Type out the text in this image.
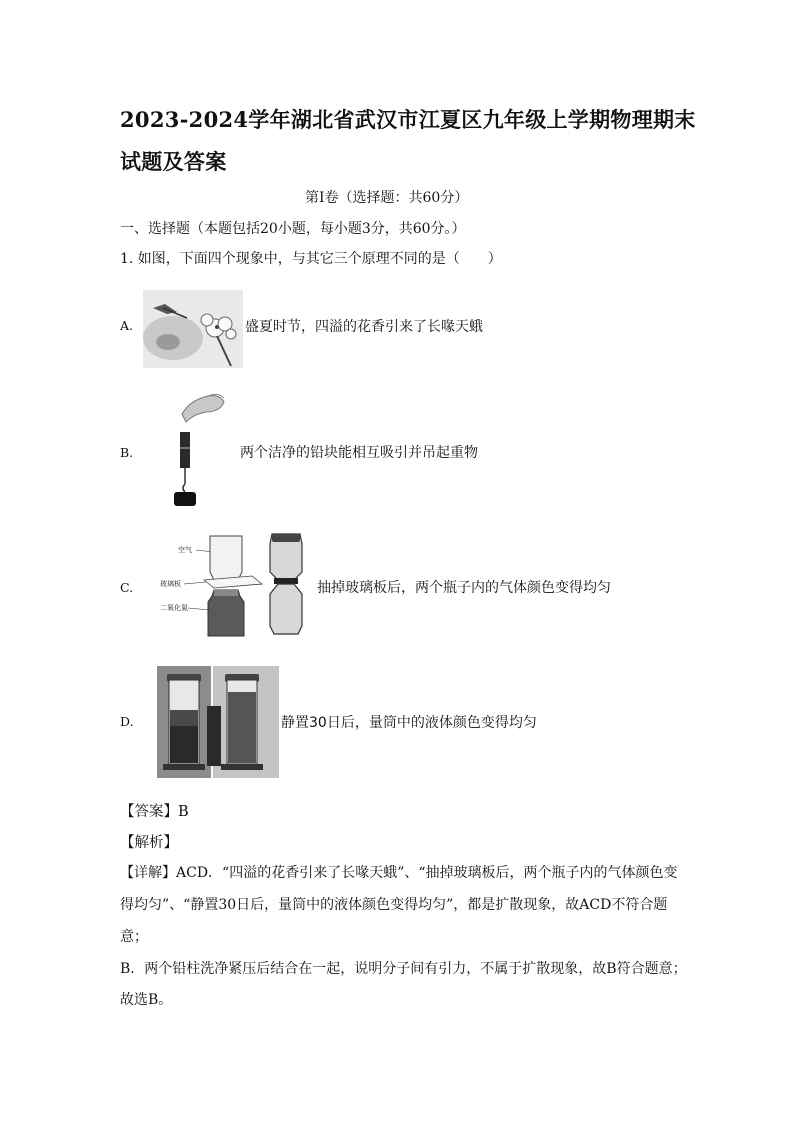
2023-2024学年湖北省武汉市江夏区九年级上学期物理期末
试题及答案
第Ⅰ卷（选择题：共60分）
一、选择题（本题包括20小题，每小题3分，共60分。）
1. 如图，下面四个现象中，与其它三个原理不同的是（　　）
A.	盛夏时节，四溢的花香引来了长喙天蛾
B.	两个洁净的铅块能相互吸引并吊起重物
C.
空气
玻璃板
二氧化氮
抽掉玻璃板后，两个瓶子内的气体颜色变得均匀
D.	静置30日后，量筒中的液体颜色变得均匀
【答案】B
【解析】
【详解】ACD．“四溢的花香引来了长喙天蛾”、“抽掉玻璃板后，两个瓶子内的气体颜色变
得均匀”、“静置30日后，量筒中的液体颜色变得均匀”，都是扩散现象，故ACD不符合题
意；
B．两个铅柱洗净紧压后结合在一起，说明分子间有引力，不属于扩散现象，故B符合题意；
故选B。
